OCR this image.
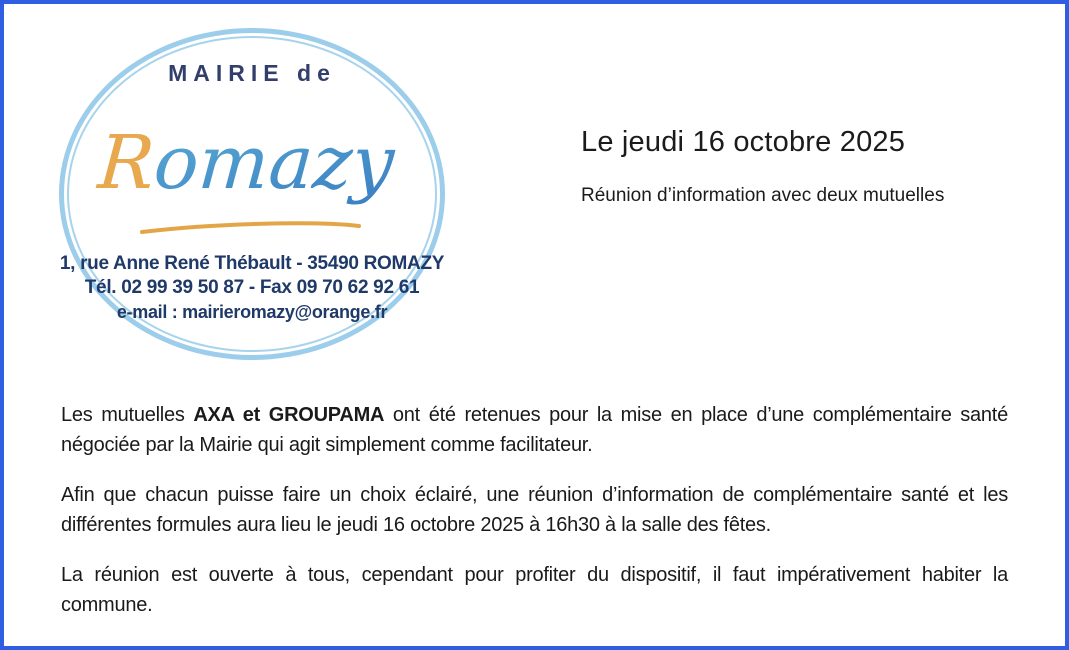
MAIRIE de
Romazy
1, rue Anne René Thébault - 35490 ROMAZY
Tél. 02 99 39 50 87 - Fax 09 70 62 92 61
e-mail : mairieromazy@orange.fr
Le jeudi 16 octobre 2025

Réunion d’information avec deux mutuelles

Les mutuelles AXA et GROUPAMA ont été retenues pour la mise en place d’une complémentaire santé négociée par la Mairie qui agit simplement comme facilitateur.

Afin que chacun puisse faire un choix éclairé, une réunion d’information de complémentaire santé et les différentes formules aura lieu le jeudi 16 octobre 2025 à 16h30 à la salle des fêtes.

La réunion est ouverte à tous, cependant pour profiter du dispositif, il faut impérativement habiter la commune.
